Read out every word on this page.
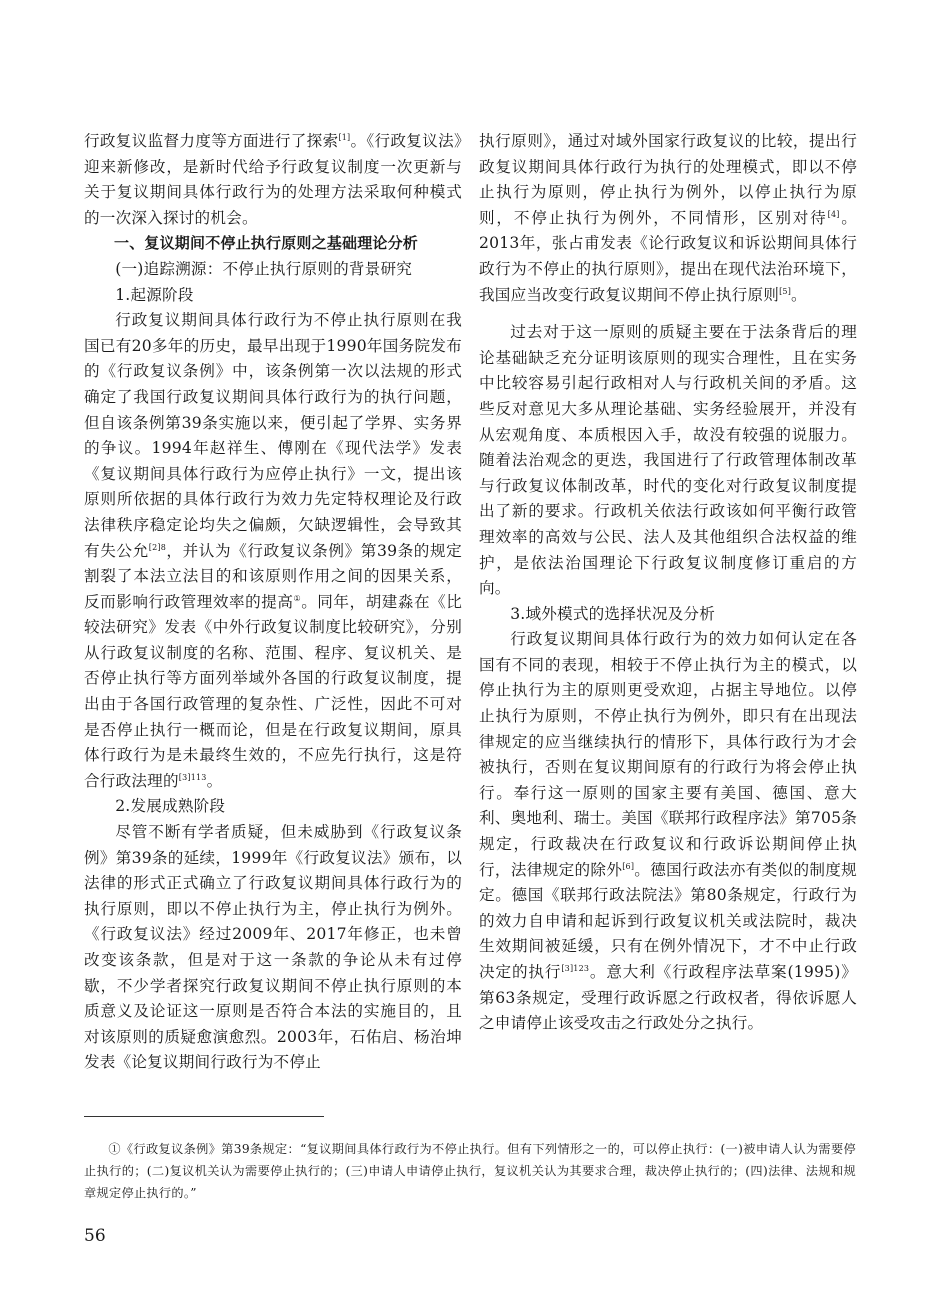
行政复议监督力度等方面进行了探索[1]。《行政复议法》迎来新修改，是新时代给予行政复议制度一次更新与关于复议期间具体行政行为的处理方法采取何种模式的一次深入探讨的机会。

一、复议期间不停止执行原则之基础理论分析

(一)追踪溯源：不停止执行原则的背景研究

1.起源阶段

行政复议期间具体行政行为不停止执行原则在我国已有20多年的历史，最早出现于1990年国务院发布的《行政复议条例》中，该条例第一次以法规的形式确定了我国行政复议期间具体行政行为的执行问题，但自该条例第39条实施以来，便引起了学界、实务界的争议。1994年赵祥生、傅刚在《现代法学》发表《复议期间具体行政行为应停止执行》一文，提出该原则所依据的具体行政行为效力先定特权理论及行政法律秩序稳定论均失之偏颇，欠缺逻辑性，会导致其有失公允$^{[2]8}$，并认为《行政复议条例》第39条的规定割裂了本法立法目的和该原则作用之间的因果关系，反而影响行政管理效率的提高①。同年，胡建淼在《比较法研究》发表《中外行政复议制度比较研究》，分别从行政复议制度的名称、范围、程序、复议机关、是否停止执行等方面列举域外各国的行政复议制度，提出由于各国行政管理的复杂性、广泛性，因此不可对是否停止执行一概而论，但是在行政复议期间，原具体行政行为是未最终生效的，不应先行执行，这是符合行政法理的$^{[3]113}$。

2.发展成熟阶段

尽管不断有学者质疑，但未威胁到《行政复议条例》第39条的延续，1999年《行政复议法》颁布，以法律的形式正式确立了行政复议期间具体行政行为的执行原则，即以不停止执行为主，停止执行为例外。《行政复议法》经过2009年、2017年修正，也未曾改变该条款，但是对于这一条款的争论从未有过停歇，不少学者探究行政复议期间不停止执行原则的本质意义及论证这一原则是否符合本法的实施目的，且对该原则的质疑愈演愈烈。2003年，石佑启、杨治坤发表《论复议期间行政行为不停止

执行原则》，通过对域外国家行政复议的比较，提出行政复议期间具体行政行为执行的处理模式，即以不停止执行为原则，停止执行为例外，以停止执行为原则，不停止执行为例外，不同情形，区别对待[4]。2013年，张占甫发表《论行政复议和诉讼期间具体行政行为不停止的执行原则》，提出在现代法治环境下，我国应当改变行政复议期间不停止执行原则[5]。

过去对于这一原则的质疑主要在于法条背后的理论基础缺乏充分证明该原则的现实合理性，且在实务中比较容易引起行政相对人与行政机关间的矛盾。这些反对意见大多从理论基础、实务经验展开，并没有从宏观角度、本质根因入手，故没有较强的说服力。随着法治观念的更迭，我国进行了行政管理体制改革与行政复议体制改革，时代的变化对行政复议制度提出了新的要求。行政机关依法行政该如何平衡行政管理效率的高效与公民、法人及其他组织合法权益的维护，是依法治国理论下行政复议制度修订重启的方向。

3.域外模式的选择状况及分析

行政复议期间具体行政行为的效力如何认定在各国有不同的表现，相较于不停止执行为主的模式，以停止执行为主的原则更受欢迎，占据主导地位。以停止执行为原则，不停止执行为例外，即只有在出现法律规定的应当继续执行的情形下，具体行政行为才会被执行，否则在复议期间原有的行政行为将会停止执行。奉行这一原则的国家主要有美国、德国、意大利、奥地利、瑞士。美国《联邦行政程序法》第705条规定，行政裁决在行政复议和行政诉讼期间停止执行，法律规定的除外[6]。德国行政法亦有类似的制度规定。德国《联邦行政法院法》第80条规定，行政行为的效力自申请和起诉到行政复议机关或法院时，裁决生效期间被延缓，只有在例外情况下，才不中止行政决定的执行$^{[3]123}$。意大利《行政程序法草案(1995)》第63条规定，受理行政诉愿之行政权者，得依诉愿人之申请停止该受攻击之行政处分之执行。

①《行政复议条例》第39条规定：“复议期间具体行政行为不停止执行。但有下列情形之一的，可以停止执行：(一)被申请人认为需要停止执行的；(二)复议机关认为需要停止执行的；(三)申请人申请停止执行，复议机关认为其要求合理，裁决停止执行的；(四)法律、法规和规章规定停止执行的。”

56
